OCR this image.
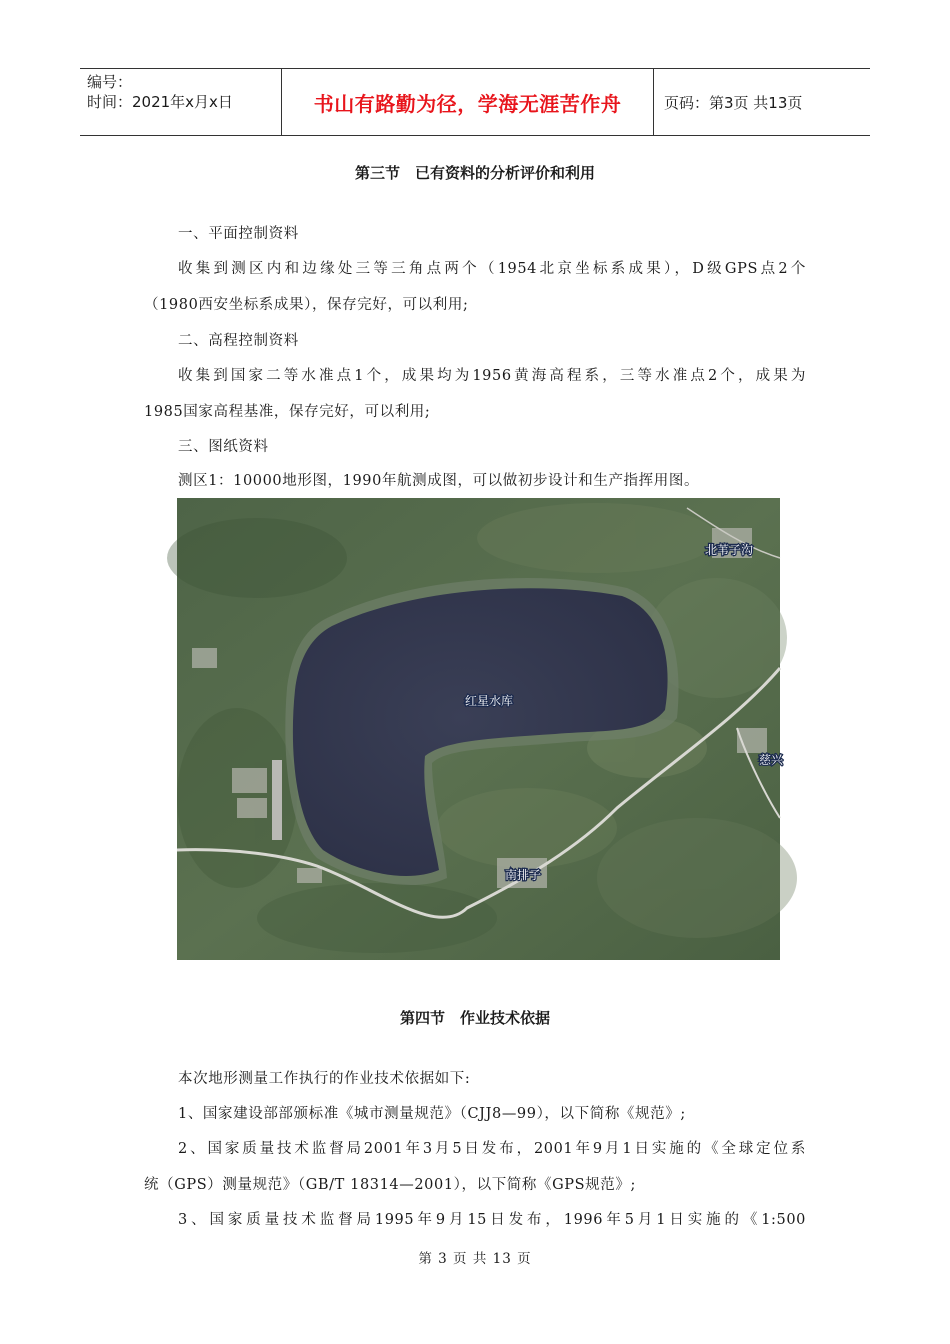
编号：
时间：2021年x月x日	书山有路勤为径，学海无涯苦作舟	页码：第3页 共13页
第三节　已有资料的分析评价和利用
一、平面控制资料
收集到测区内和边缘处三等三角点两个（1954北京坐标系成果），D级GPS点2个
（1980西安坐标系成果），保存完好，可以利用;
二、高程控制资料
收集到国家二等水准点1个，成果均为1956黄海高程系，三等水准点2个，成果为
1985国家高程基准，保存完好，可以利用;
三、图纸资料
测区1：10000地形图，1990年航测成图，可以做初步设计和生产指挥用图。
红星水库
北苇子沟
南排子
慈兴
第四节　作业技术依据
本次地形测量工作执行的作业技术依据如下:
1、国家建设部部颁标准《城市测量规范》（CJJ8—99），以下简称《规范》;
2、国家质量技术监督局2001年3月5日发布，2001年9月1日实施的《全球定位系
统（GPS）测量规范》（GB/T 18314—2001），以下简称《GPS规范》;
3、国家质量技术监督局1995年9月15日发布，1996年5月1日实施的《1:500
第 3 页 共 13 页
